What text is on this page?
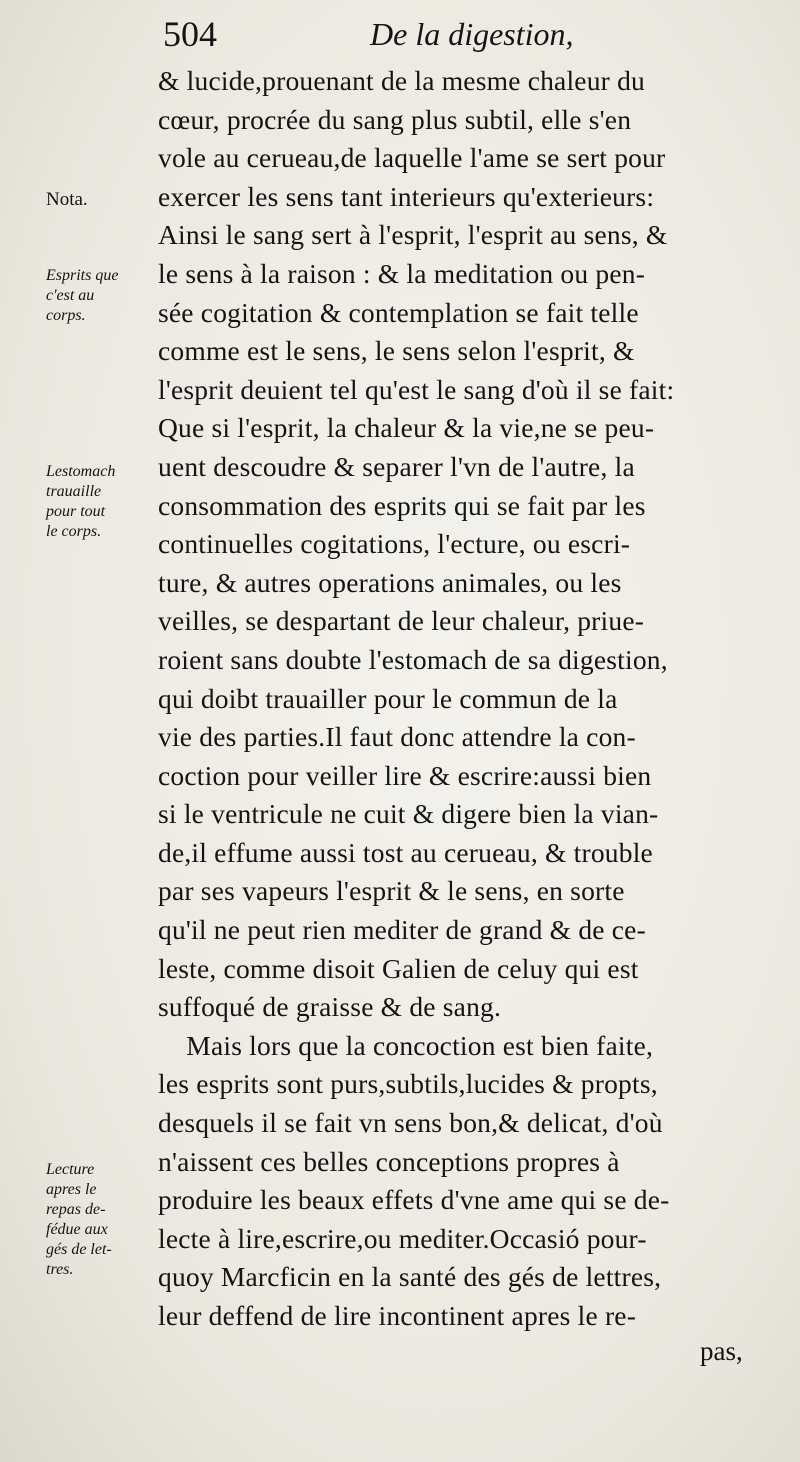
504	De la digestion,
Nota.
Esprits que
c'est au
corps.
Lestomach
trauaille
pour tout
le corps.
Lecture
apres le
repas de-
fédue aux
gés de let-
tres.
& lucide,prouenant de la mesme chaleur du
cœur, procrée du sang plus subtil, elle s'en
vole au cerueau,de laquelle l'ame se sert pour
exercer les sens tant interieurs qu'exterieurs:
Ainsi le sang sert à l'esprit, l'esprit au sens, &
le sens à la raison : & la meditation ou pen-
sée cogitation & contemplation se fait telle
comme est le sens, le sens selon l'esprit, &
l'esprit deuient tel qu'est le sang d'où il se fait:
Que si l'esprit, la chaleur & la vie,ne se peu-
uent descoudre & separer l'vn de l'autre, la
consommation des esprits qui se fait par les
continuelles cogitations, l'ecture, ou escri-
ture, & autres operations animales, ou les
veilles, se despartant de leur chaleur, priue-
roient sans doubte l'estomach de sa digestion,
qui doibt trauailler pour le commun de la
vie des parties.Il faut donc attendre la con-
coction pour veiller lire & escrire:aussi bien
si le ventricule ne cuit & digere bien la vian-
de,il effume aussi tost au cerueau, & trouble
par ses vapeurs l'esprit & le sens, en sorte
qu'il ne peut rien mediter de grand & de ce-
leste, comme disoit Galien de celuy qui est
suffoqué de graisse & de sang.
Mais lors que la concoction est bien faite,
les esprits sont purs,subtils,lucides & propts,
desquels il se fait vn sens bon,& delicat, d'où
n'aissent ces belles conceptions propres à
produire les beaux effets d'vne ame qui se de-
lecte à lire,escrire,ou mediter.Occasió pour-
quoy Marcficin en la santé des gés de lettres,
leur deffend de lire incontinent apres le re-
pas,
